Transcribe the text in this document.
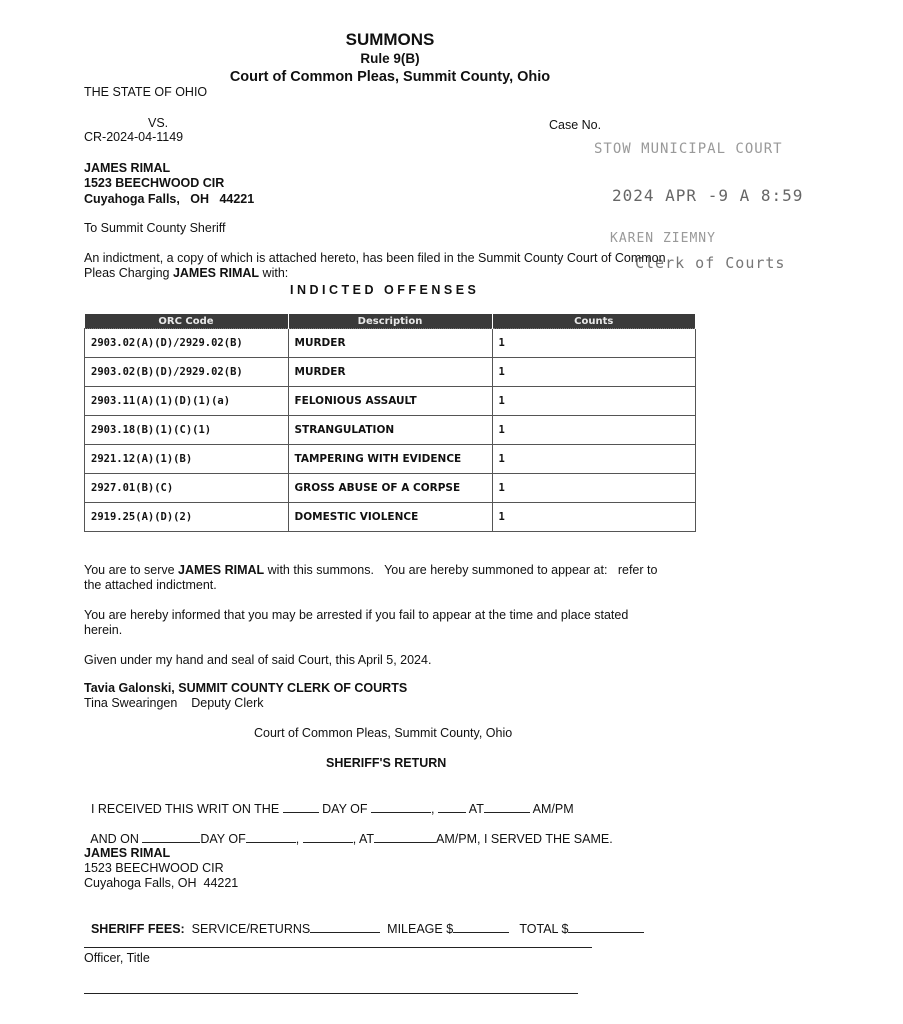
SUMMONS
Rule 9(B)
Court of Common Pleas, Summit County, Ohio
THE STATE OF OHIO
VS.
CR-2024-04-1149
Case No.
JAMES RIMAL
1523 BEECHWOOD CIR
Cuyahoga Falls,   OH   44221
To Summit County Sheriff
STOW MUNICIPAL COURT
2024 APR -9 A 8:59
KAREN ZIEMNY
Clerk of Courts
An indictment, a copy of which is attached hereto, has been filed in the Summit County Court of Common
Pleas Charging JAMES RIMAL with:
INDICTED OFFENSES
ORC Code	Description	Counts
2903.02(A)(D)/2929.02(B)	MURDER	1
2903.02(B)(D)/2929.02(B)	MURDER	1
2903.11(A)(1)(D)(1)(a)	FELONIOUS ASSAULT	1
2903.18(B)(1)(C)(1)	STRANGULATION	1
2921.12(A)(1)(B)	TAMPERING WITH EVIDENCE	1
2927.01(B)(C)	GROSS ABUSE OF A CORPSE	1
2919.25(A)(D)(2)	DOMESTIC VIOLENCE	1
You are to serve JAMES RIMAL with this summons.   You are hereby summoned to appear at:   refer to
the attached indictment.
You are hereby informed that you may be arrested if you fail to appear at the time and place stated
herein.
Given under my hand and seal of said Court, this April 5, 2024.
Tavia Galonski, SUMMIT COUNTY CLERK OF COURTS
Tina Swearingen    Deputy Clerk
Court of Common Pleas, Summit County, Ohio
SHERIFF'S RETURN

I RECEIVED THIS WRIT ON THE	DAY OF	,	AT	AM/PM

AND ON	DAY OF	,	, AT	AM/PM, I SERVED THE SAME.

JAMES RIMAL
1523 BEECHWOOD CIR
Cuyahoga Falls, OH  44221

SHERIFF FEES: SERVICE/RETURNS	MILEAGE $	TOTAL $

Officer, Title
